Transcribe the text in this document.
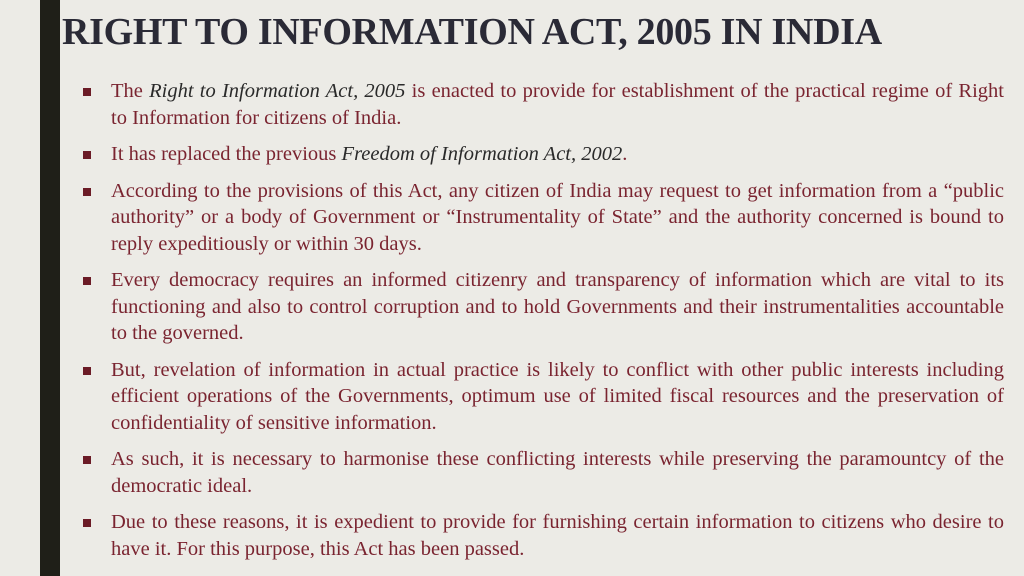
RIGHT TO INFORMATION ACT, 2005 IN INDIA
The Right to Information Act, 2005 is enacted to provide for establishment of the practical regime of Right to Information for citizens of India.
It has replaced the previous Freedom of Information Act, 2002.
According to the provisions of this Act, any citizen of India may request to get information from a “public authority” or a body of Government or “Instrumentality of State” and the authority concerned is bound to reply expeditiously or within 30 days.
Every democracy requires an informed citizenry and transparency of information which are vital to its functioning and also to control corruption and to hold Governments and their instrumentalities accountable to the governed.
But, revelation of information in actual practice is likely to conflict with other public interests including efficient operations of the Governments, optimum use of limited fiscal resources and the preservation of confidentiality of sensitive information.
As such, it is necessary to harmonise these conflicting interests while preserving the paramountcy of the democratic ideal.
Due to these reasons, it is expedient to provide for furnishing certain information to citizens who desire to have it. For this purpose, this Act has been passed.
